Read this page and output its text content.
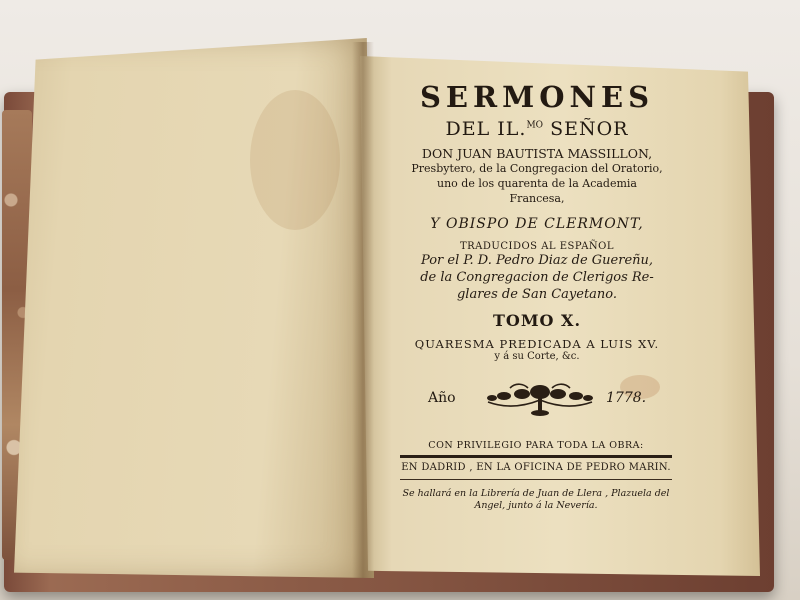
SERMONES
DEL IL.$^{MO}$ SEÑOR
DON JUAN BAUTISTA MASSILLON,
Presbytero, de la Congregacion del Oratorio,
uno de los quarenta de la Academia
Francesa,
Y OBISPO DE CLERMONT,
TRADUCIDOS AL ESPAÑOL
Por el P. D. Pedro Diaz de Guereñu,
de la Congregacion de Clerigos Re-
glares de San Cayetano.
TOMO X.
QUARESMA PREDICADA A LUIS XV.
y á su Corte, &c.
Año	1778.
CON PRIVILEGIO PARA TODA LA OBRA:
EN DADRID , EN LA OFICINA DE PEDRO MARIN.
Se hallará en la Librería de Juan de Llera , Plazuela del
Angel, junto á la Nevería.
